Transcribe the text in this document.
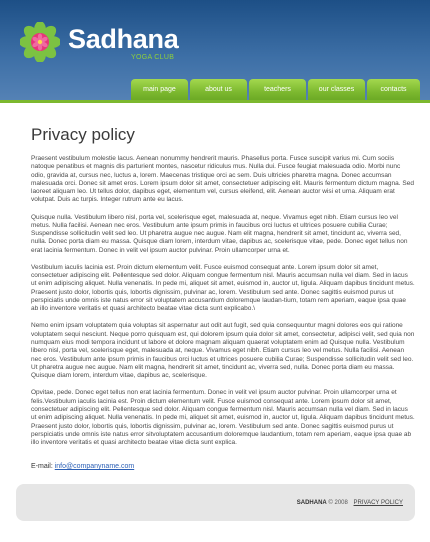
Sadhana
YOGA CLUB
main page	about us	teachers	our classes	contacts
Privacy policy

Praesent vestibulum molestie lacus. Aenean nonummy hendrerit mauris. Phasellus porta. Fusce suscipit varius mi. Cum sociis natoque penatibus et magnis dis parturient montes, nascetur ridiculus mus. Nulla dui. Fusce feugiat malesuada odio. Morbi nunc odio, gravida at, cursus nec, luctus a, lorem. Maecenas tristique orci ac sem. Duis ultricies pharetra magna. Donec accumsan malesuada orci. Donec sit amet eros. Lorem ipsum dolor sit amet, consectetuer adipiscing elit. Mauris fermentum dictum magna. Sed laoreet aliquam leo. Ut tellus dolor, dapibus eget, elementum vel, cursus eleifend, elit. Aenean auctor wisi et urna. Aliquam erat volutpat. Duis ac turpis. Integer rutrum ante eu lacus.

Quisque nulla. Vestibulum libero nisl, porta vel, scelerisque eget, malesuada at, neque. Vivamus eget nibh. Etiam cursus leo vel metus. Nulla facilisi. Aenean nec eros. Vestibulum ante ipsum primis in faucibus orci luctus et ultrices posuere cubilia Curae; Suspendisse sollicitudin velit sed leo. Ut pharetra augue nec augue. Nam elit magna, hendrerit sit amet, tincidunt ac, viverra sed, nulla. Donec porta diam eu massa. Quisque diam lorem, interdum vitae, dapibus ac, scelerisque vitae, pede. Donec eget tellus non erat lacinia fermentum. Donec in velit vel ipsum auctor pulvinar. Proin ullamcorper urna et.

Vestibulum iaculis lacinia est. Proin dictum elementum velit. Fusce euismod consequat ante. Lorem ipsum dolor sit amet, consectetuer adipiscing elit. Pellentesque sed dolor. Aliquam congue fermentum nisl. Mauris accumsan nulla vel diam. Sed in lacus ut enim adipiscing aliquet. Nulla venenatis. In pede mi, aliquet sit amet, euismod in, auctor ut, ligula. Aliquam dapibus tincidunt metus. Praesent justo dolor, lobortis quis, lobortis dignissim, pulvinar ac, lorem. Vestibulum sed ante. Donec sagittis euismod purus ut perspiciatis unde omnis iste natus error sit voluptatem accusantium doloremque laudan-tium, totam rem aperiam, eaque ipsa quae ab illo inventore veritatis et quasi architecto beatae vitae dicta sunt explicabo.\

Nemo enim ipsam voluptatem quia voluptas sit aspernatur aut odit aut fugit, sed quia consequuntur magni dolores eos qui ratione voluptatem sequi nesciunt. Neque porro quisquam est, qui dolorem ipsum quia dolor sit amet, consectetur, adipisci velit, sed quia non numquam eius modi tempora incidunt ut labore et dolore magnam aliquam quaerat voluptatem enim ad Quisque nulla. Vestibulum libero nisl, porta vel, scelerisque eget, malesuada at, neque. Vivamus eget nibh. Etiam cursus leo vel metus. Nulla facilisi. Aenean nec eros. Vestibulum ante ipsum primis in faucibus orci luctus et ultrices posuere cubilia Curae; Suspendisse sollicitudin velit sed leo. Ut pharetra augue nec augue. Nam elit magna, hendrerit sit amet, tincidunt ac, viverra sed, nulla. Donec porta diam eu massa. Quisque diam lorem, interdum vitae, dapibus ac, scelerisque.

Opvitae, pede. Donec eget tellus non erat lacinia fermentum. Donec in velit vel ipsum auctor pulvinar. Proin ullamcorper urna et felis.Vestibulum iaculis lacinia est. Proin dictum elementum velit. Fusce euismod consequat ante. Lorem ipsum dolor sit amet, consectetuer adipiscing elit. Pellentesque sed dolor. Aliquam congue fermentum nisl. Mauris accumsan nulla vel diam. Sed in lacus ut enim adipiscing aliquet. Nulla venenatis. In pede mi, aliquet sit amet, euismod in, auctor ut, ligula. Aliquam dapibus tincidunt metus. Praesent justo dolor, lobortis quis, lobortis dignissim, pulvinar ac, lorem. Vestibulum sed ante. Donec sagittis euismod purus ut perspiciatis unde omnis iste natus error sitvoluptatem accusantium doloremque laudantium, totam rem aperiam, eaque ipsa quae ab illo inventore veritatis et quasi architecto beatae vitae dicta sunt explica.

E-mail: info@companyname.com
SADHANA © 2008 PRIVACY POLICY
